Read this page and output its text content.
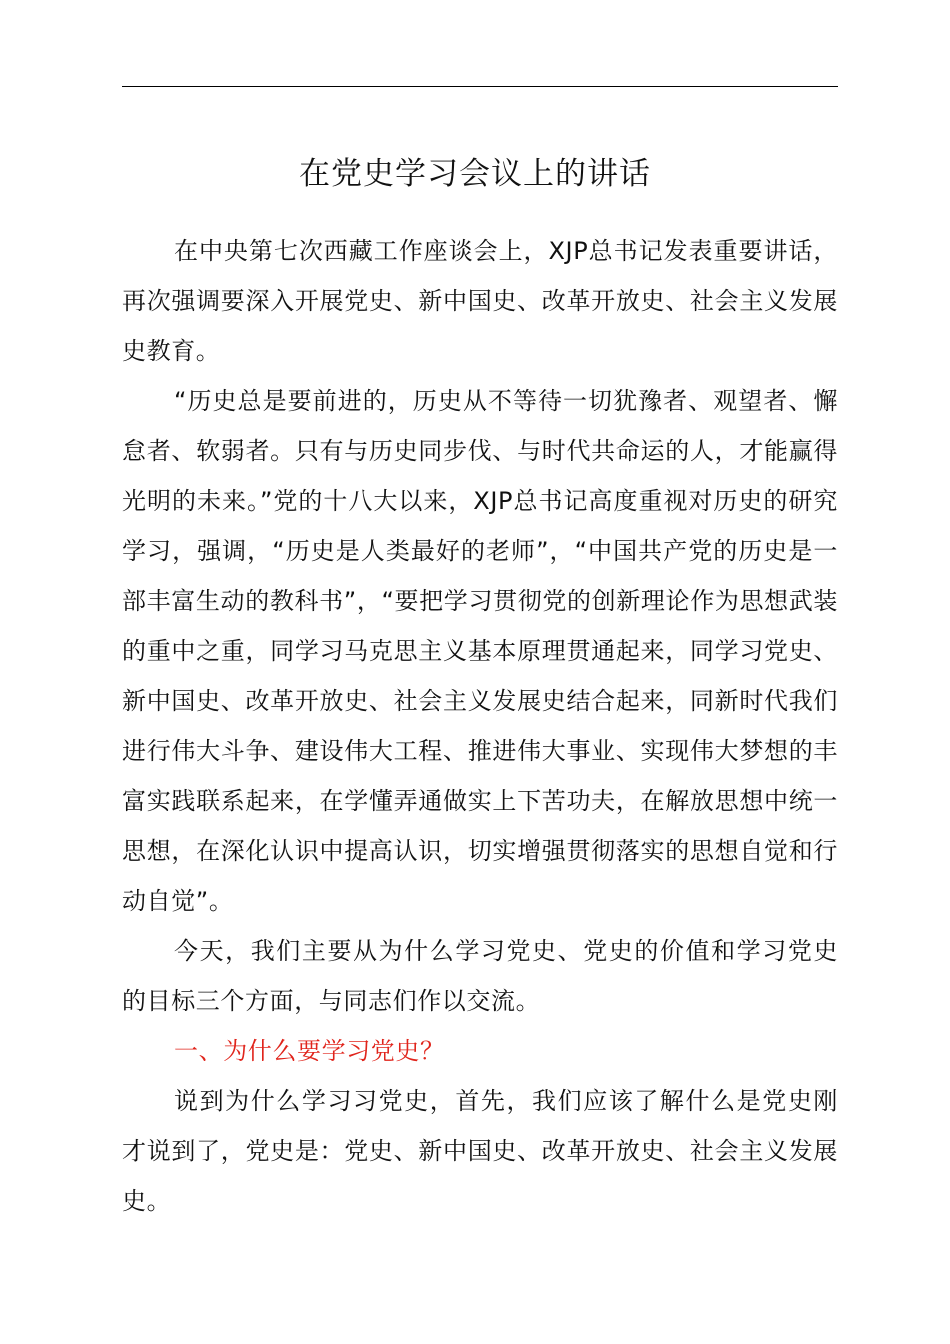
在党史学习会议上的讲话

在中央第七次西藏工作座谈会上，XJP总书记发表重要讲话，再次强调要深入开展党史、新中国史、改革开放史、社会主义发展史教育。

“历史总是要前进的，历史从不等待一切犹豫者、观望者、懈怠者、软弱者。只有与历史同步伐、与时代共命运的人，才能赢得光明的未来。”党的十八大以来，XJP总书记高度重视对历史的研究学习，强调，“历史是人类最好的老师”，“中国共产党的历史是一部丰富生动的教科书”，“要把学习贯彻党的创新理论作为思想武装的重中之重，同学习马克思主义基本原理贯通起来，同学习党史、新中国史、改革开放史、社会主义发展史结合起来，同新时代我们进行伟大斗争、建设伟大工程、推进伟大事业、实现伟大梦想的丰富实践联系起来，在学懂弄通做实上下苦功夫，在解放思想中统一思想，在深化认识中提高认识，切实增强贯彻落实的思想自觉和行动自觉”。

今天，我们主要从为什么学习党史、党史的价值和学习党史的目标三个方面，与同志们作以交流。

一、为什么要学习党史？

说到为什么学习习党史，首先，我们应该了解什么是党史刚才说到了，党史是：党史、新中国史、改革开放史、社会主义发展史。
